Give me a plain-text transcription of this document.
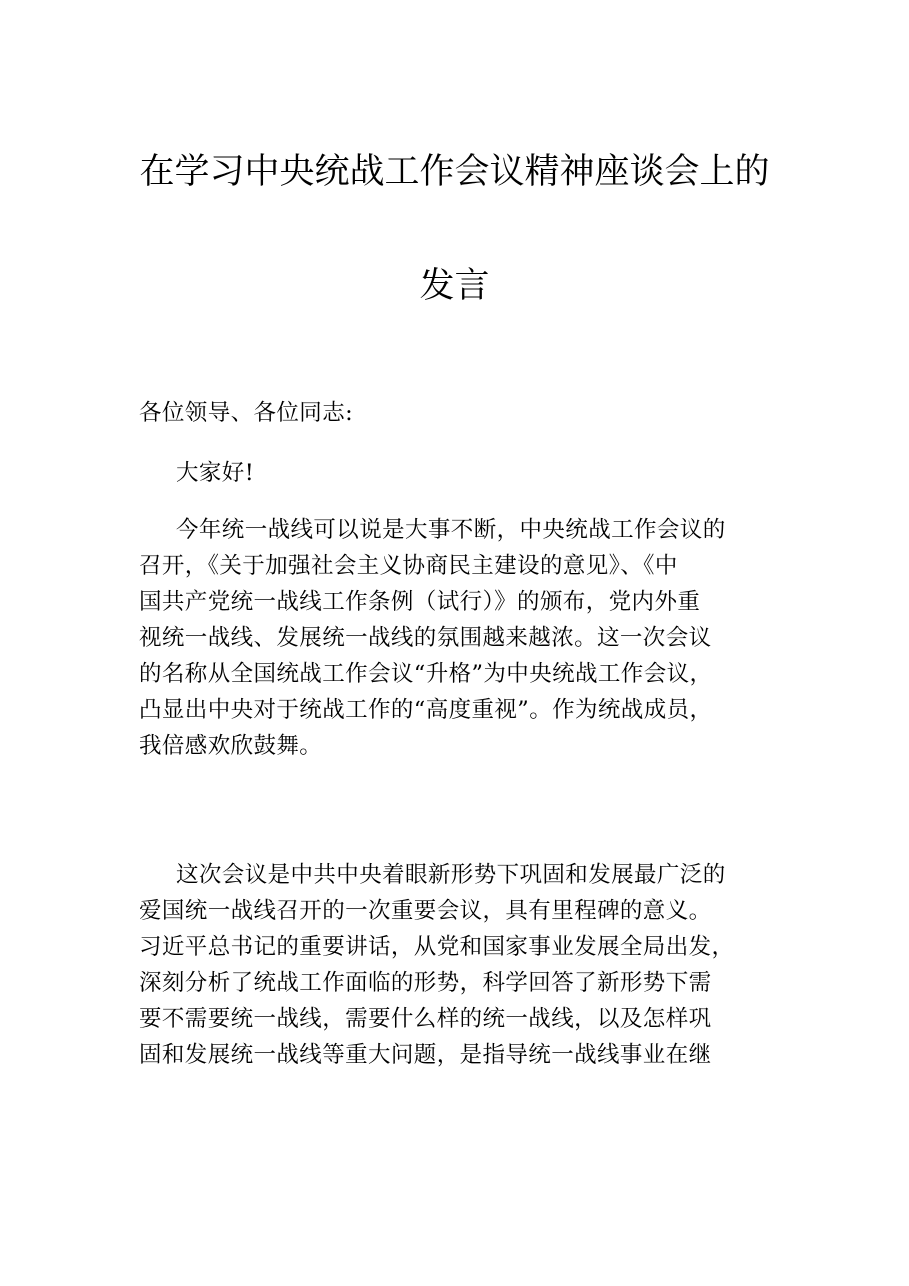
在学习中央统战工作会议精神座谈会上的
发言

各位领导、各位同志:

大家好!

今年统一战线可以说是大事不断，中央统战工作会议的
召开，《关于加强社会主义协商民主建设的意见》、《中
国共产党统一战线工作条例（试行）》的颁布，党内外重
视统一战线、发展统一战线的氛围越来越浓。这一次会议
的名称从全国统战工作会议“升格”为中央统战工作会议，
凸显出中央对于统战工作的“高度重视”。作为统战成员，
我倍感欢欣鼓舞。
这次会议是中共中央着眼新形势下巩固和发展最广泛的
爱国统一战线召开的一次重要会议，具有里程碑的意义。
习近平总书记的重要讲话，从党和国家事业发展全局出发，
深刻分析了统战工作面临的形势，科学回答了新形势下需
要不需要统一战线，需要什么样的统一战线，以及怎样巩
固和发展统一战线等重大问题，是指导统一战线事业在继
